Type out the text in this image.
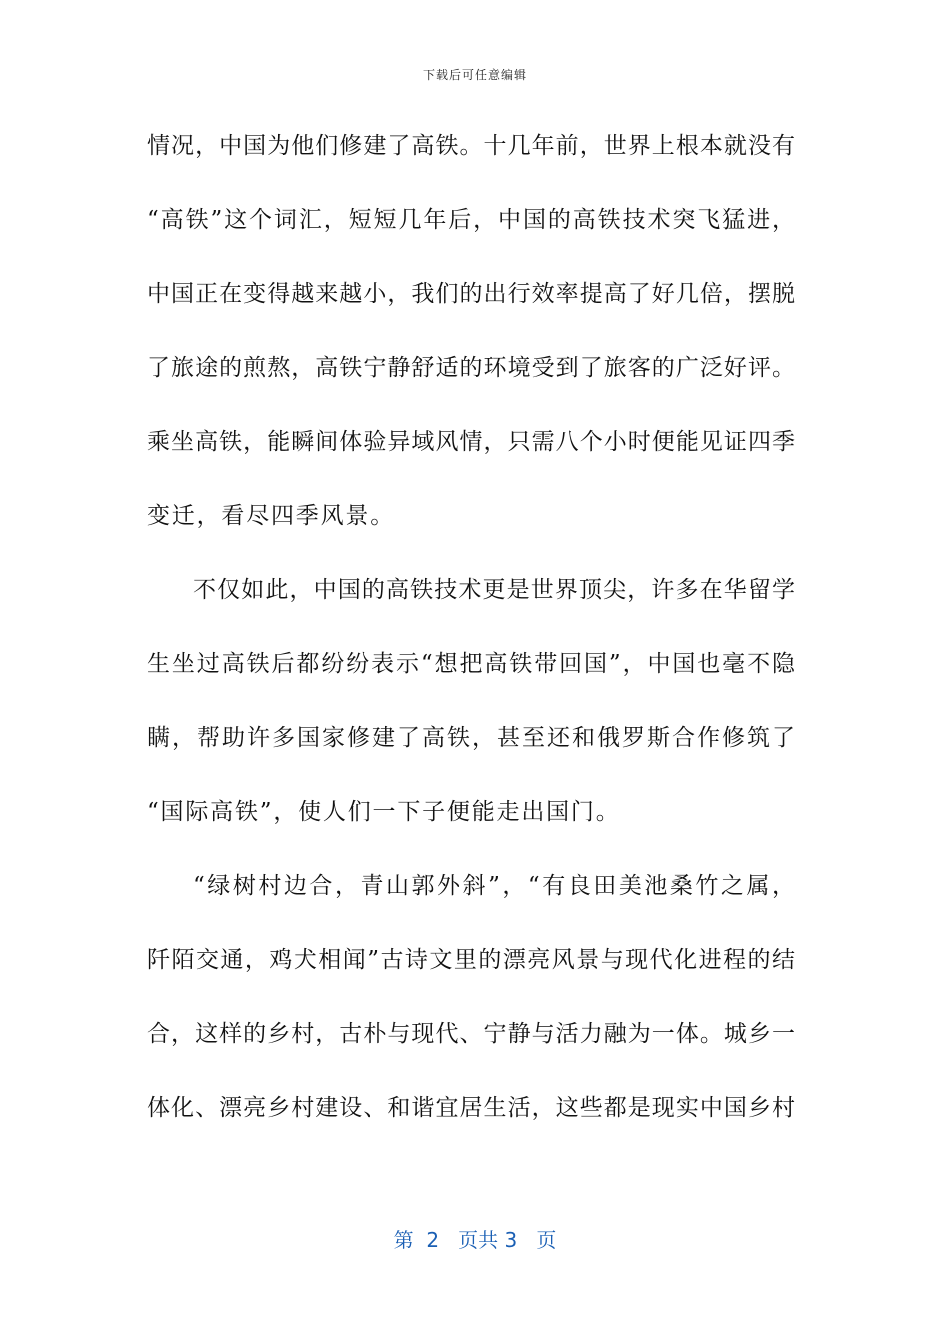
下载后可任意编辑
情况，中国为他们修建了高铁。十几年前，世界上根本就没有
“高铁”这个词汇，短短几年后，中国的高铁技术突飞猛进，
中国正在变得越来越小，我们的出行效率提高了好几倍，摆脱
了旅途的煎熬，高铁宁静舒适的环境受到了旅客的广泛好评。
乘坐高铁，能瞬间体验异域风情，只需八个小时便能见证四季
变迁，看尽四季风景。
不仅如此，中国的高铁技术更是世界顶尖，许多在华留学
生坐过高铁后都纷纷表示“想把高铁带回国”，中国也毫不隐
瞒，帮助许多国家修建了高铁，甚至还和俄罗斯合作修筑了
“国际高铁”，使人们一下子便能走出国门。
“绿树村边合，青山郭外斜”，“有良田美池桑竹之属，
阡陌交通，鸡犬相闻”古诗文里的漂亮风景与现代化进程的结
合，这样的乡村，古朴与现代、宁静与活力融为一体。城乡一
体化、漂亮乡村建设、和谐宜居生活，这些都是现实中国乡村
第  2   页共 3   页
